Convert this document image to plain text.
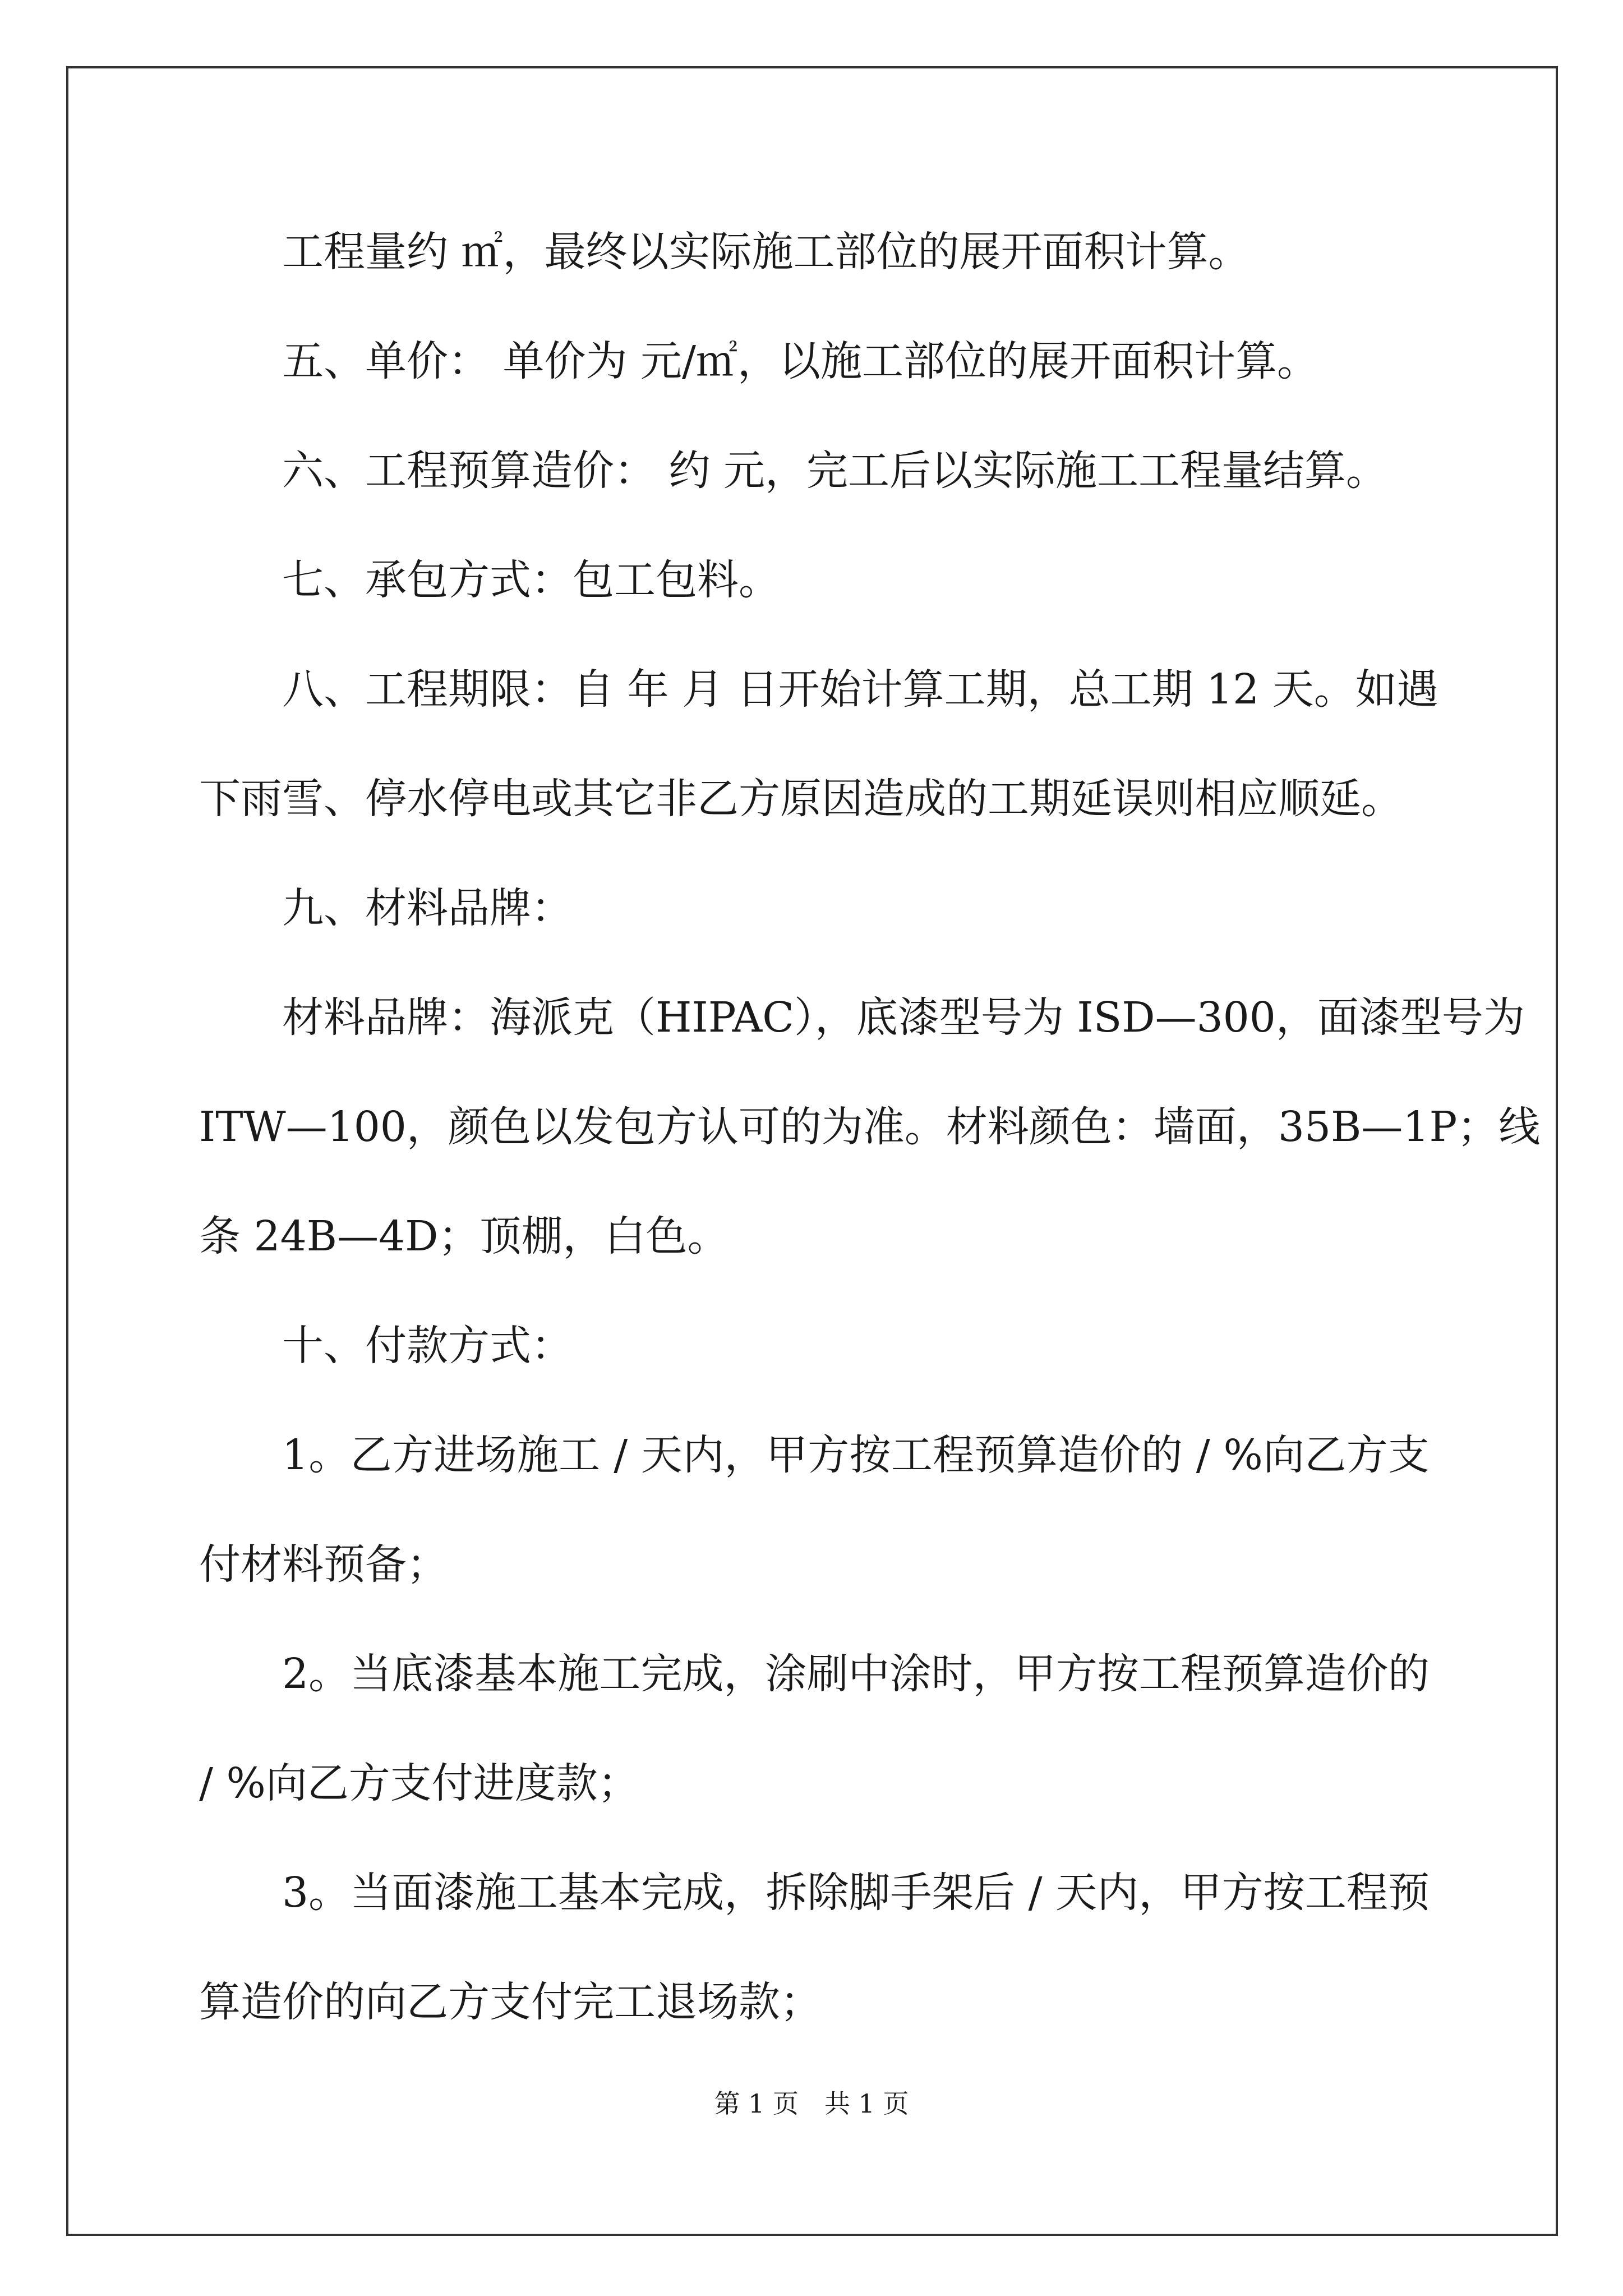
工程量约 ㎡，最终以实际施工部位的展开面积计算。
五、单价： 单价为 元/㎡，以施工部位的展开面积计算。
六、工程预算造价： 约 元，完工后以实际施工工程量结算。
七、承包方式：包工包料。
八、工程期限：自 年 月 日开始计算工期，总工期 12 天。如遇
下雨雪、停水停电或其它非乙方原因造成的工期延误则相应顺延。
九、材料品牌：
材料品牌：海派克（HIPAC），底漆型号为 ISD—300，面漆型号为
ITW—100，颜色以发包方认可的为准。材料颜色：墙面，35B—1P；线
条 24B—4D；顶棚，白色。
十、付款方式：
1。乙方进场施工 / 天内，甲方按工程预算造价的 / %向乙方支
付材料预备；
2。当底漆基本施工完成，涂刷中涂时，甲方按工程预算造价的
/ %向乙方支付进度款；
3。当面漆施工基本完成，拆除脚手架后 / 天内，甲方按工程预
算造价的向乙方支付完工退场款；
第 1 页 共 1 页
